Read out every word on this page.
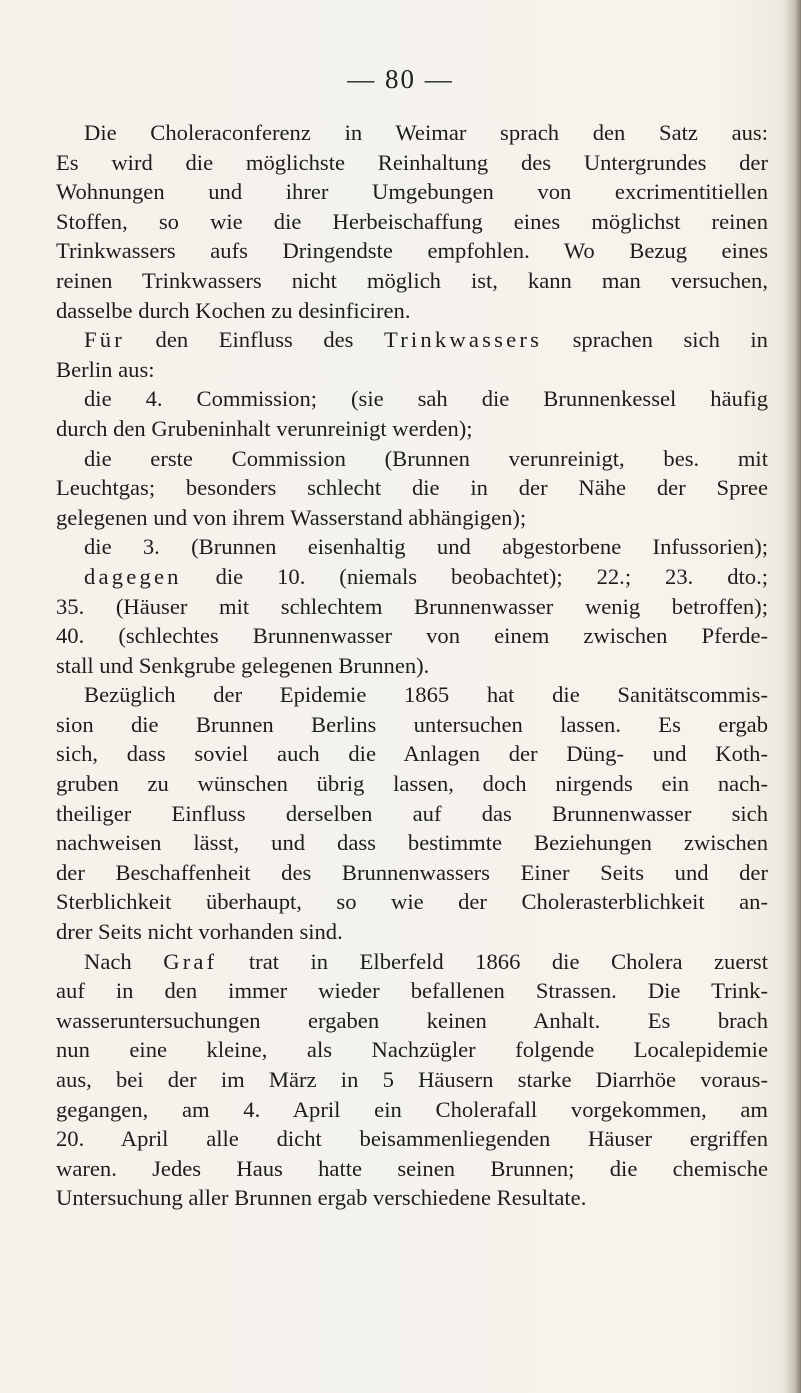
— 80 —
Die Choleraconferenz in Weimar sprach den Satz aus:
Es wird die möglichste Reinhaltung des Untergrundes der
Wohnungen und ihrer Umgebungen von excrimentitiellen
Stoffen, so wie die Herbeischaffung eines möglichst reinen
Trinkwassers aufs Dringendste empfohlen. Wo Bezug eines
reinen Trinkwassers nicht möglich ist, kann man versuchen,
dasselbe durch Kochen zu desinficiren.
Für den Einfluss des Trinkwassers sprachen sich in
Berlin aus:
die 4. Commission; (sie sah die Brunnenkessel häufig
durch den Grubeninhalt verunreinigt werden);
die erste Commission (Brunnen verunreinigt, bes. mit
Leuchtgas; besonders schlecht die in der Nähe der Spree
gelegenen und von ihrem Wasserstand abhängigen);
die 3. (Brunnen eisenhaltig und abgestorbene Infussorien);
dagegen die 10. (niemals beobachtet); 22.; 23. dto.;
35. (Häuser mit schlechtem Brunnenwasser wenig betroffen);
40. (schlechtes Brunnenwasser von einem zwischen Pferde-
stall und Senkgrube gelegenen Brunnen).
Bezüglich der Epidemie 1865 hat die Sanitätscommis-
sion die Brunnen Berlins untersuchen lassen. Es ergab
sich, dass soviel auch die Anlagen der Düng- und Koth-
gruben zu wünschen übrig lassen, doch nirgends ein nach-
theiliger Einfluss derselben auf das Brunnenwasser sich
nachweisen lässt, und dass bestimmte Beziehungen zwischen
der Beschaffenheit des Brunnenwassers Einer Seits und der
Sterblichkeit überhaupt, so wie der Cholerasterblichkeit an-
drer Seits nicht vorhanden sind.
Nach Graf trat in Elberfeld 1866 die Cholera zuerst
auf in den immer wieder befallenen Strassen. Die Trink-
wasseruntersuchungen ergaben keinen Anhalt. Es brach
nun eine kleine, als Nachzügler folgende Localepidemie
aus, bei der im März in 5 Häusern starke Diarrhöe voraus-
gegangen, am 4. April ein Cholerafall vorgekommen, am
20. April alle dicht beisammenliegenden Häuser ergriffen
waren. Jedes Haus hatte seinen Brunnen; die chemische
Untersuchung aller Brunnen ergab verschiedene Resultate.
